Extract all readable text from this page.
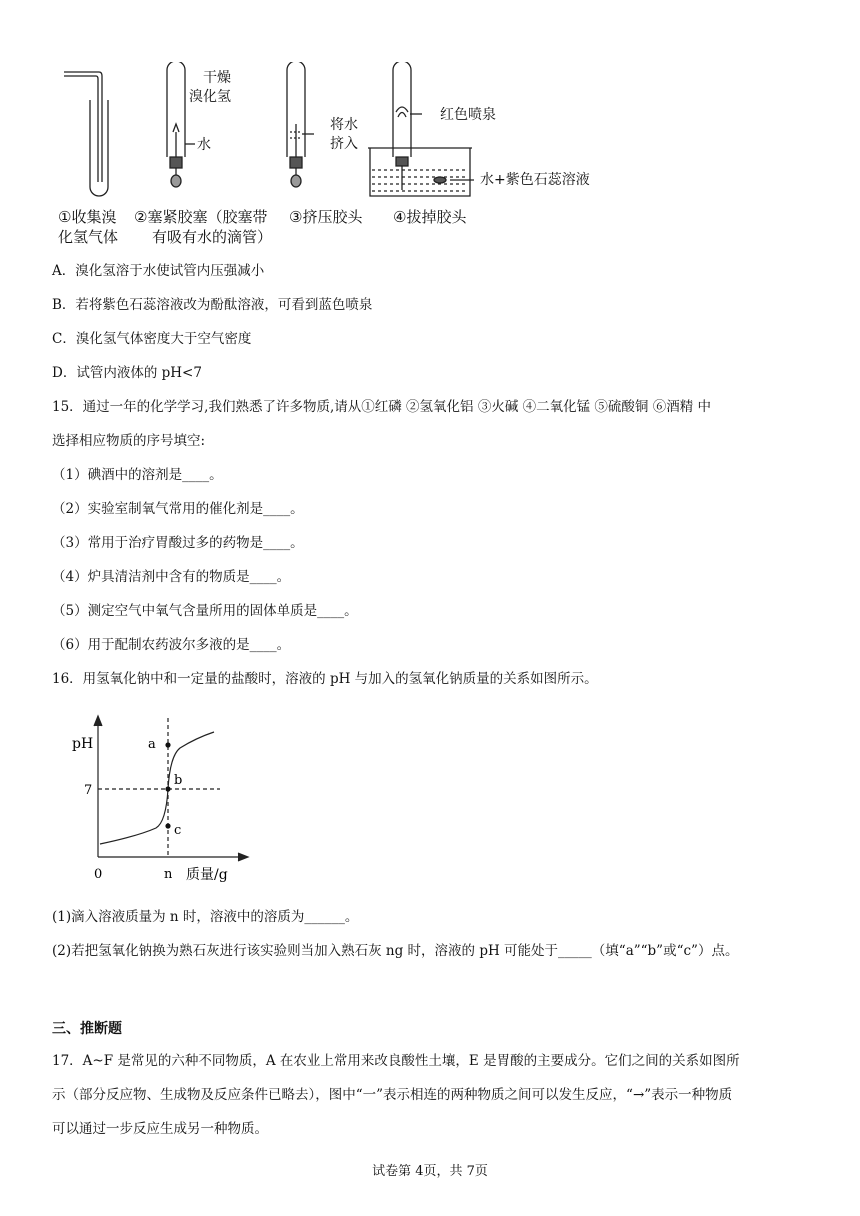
干燥
溴化氢
水
将水
挤入
红色喷泉
水+紫色石蕊溶液
①收集溴
化氢气体
②塞紧胶塞（胶塞带
有吸有水的滴管）
③挤压胶头 ④拔掉胶头
A．溴化氢溶于水使试管内压强减小
B．若将紫色石蕊溶液改为酚酞溶液，可看到蓝色喷泉
C．溴化氢气体密度大于空气密度
D．试管内液体的 pH<7
15．通过一年的化学学习,我们熟悉了许多物质,请从①红磷 ②氢氧化铝 ③火碱 ④二氧化锰 ⑤硫酸铜 ⑥酒精 中
选择相应物质的序号填空:
（1）碘酒中的溶剂是____。
（2）实验室制氧气常用的催化剂是____。
（3）常用于治疗胃酸过多的药物是____。
（4）炉具清洁剂中含有的物质是____。
（5）测定空气中氧气含量所用的固体单质是____。
（6）用于配制农药波尔多液的是____。
16．用氢氧化钠中和一定量的盐酸时，溶液的 pH 与加入的氢氧化钠质量的关系如图所示。
pH
7
0	n 质量/g
a
b
c
(1)滴入溶液质量为 n 时，溶液中的溶质为______。
(2)若把氢氧化钠换为熟石灰进行该实验则当加入熟石灰 ng 时，溶液的 pH 可能处于_____（填“a”“b”或“c”）点。
三、推断题
17．A~F 是常见的六种不同物质，A 在农业上常用来改良酸性土壤，E 是胃酸的主要成分。它们之间的关系如图所
示（部分反应物、生成物及反应条件已略去），图中“一”表示相连的两种物质之间可以发生反应，“→”表示一种物质
可以通过一步反应生成另一种物质。
试卷第 4页，共 7页
